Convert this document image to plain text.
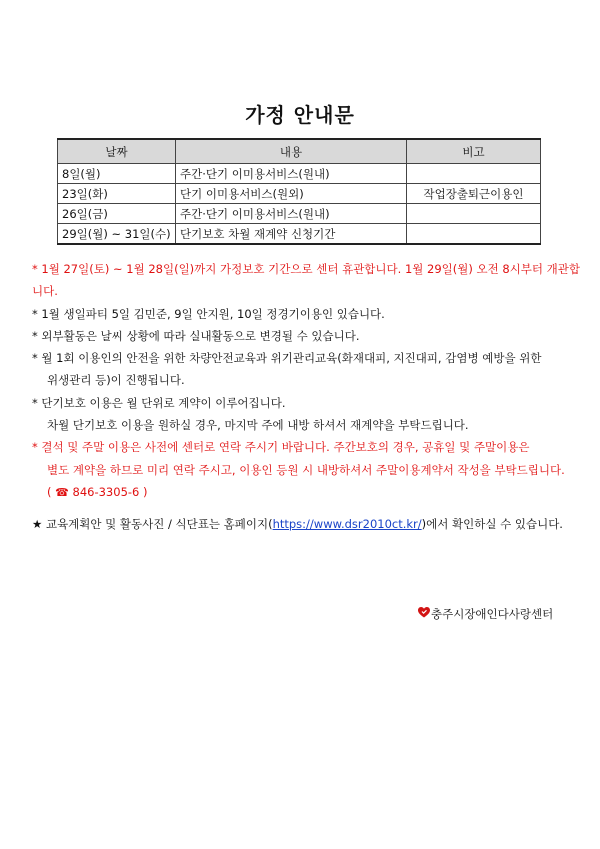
가정 안내문
날짜	내용	비고
8일(월)	주간·단기 이미용서비스(원내)	
23일(화)	단기 이미용서비스(원외)	작업장출퇴근이용인
26일(금)	주간·단기 이미용서비스(원내)	
29일(월) ~ 31일(수)	단기보호 차월 재계약 신청기간	
* 1월 27일(토) ~ 1월 28일(일)까지 가정보호 기간으로 센터 휴관합니다. 1월 29일(월) 오전 8시부터 개관합
니다.
* 1월 생일파티 5일 김민준, 9일 안지원, 10일 정경기이용인 있습니다.
* 외부활동은 날씨 상황에 따라 실내활동으로 변경될 수 있습니다.
* 월 1회 이용인의 안전을 위한 차량안전교육과 위기관리교육(화재대피, 지진대피, 감염병 예방을 위한
위생관리 등)이 진행됩니다.
* 단기보호 이용은 월 단위로 계약이 이루어집니다.
차월 단기보호 이용을 원하실 경우, 마지막 주에 내방 하셔서 재계약을 부탁드립니다.
* 결석 및 주말 이용은 사전에 센터로 연락 주시기 바랍니다. 주간보호의 경우, 공휴일 및 주말이용은
별도 계약을 하므로 미리 연락 주시고, 이용인 등원 시 내방하셔서 주말이용계약서 작성을 부탁드립니다.
( ☎ 846-3305-6 )
★ 교육계획안 및 활동사진 / 식단표는 홈페이지(https://www.dsr2010ct.kr/)에서 확인하실 수 있습니다.
충주시장애인다사랑센터
